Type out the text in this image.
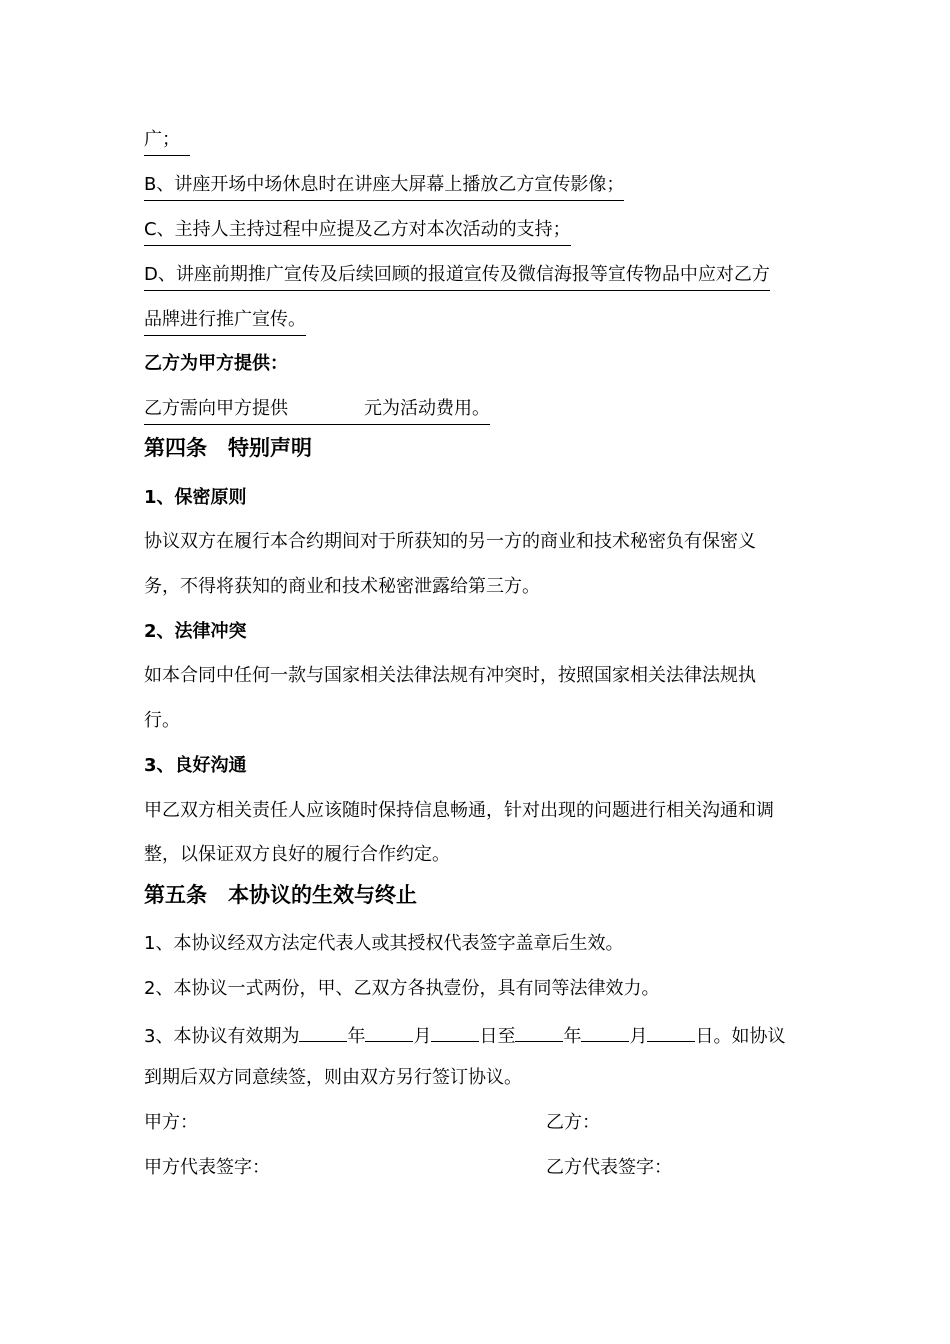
广；
B、讲座开场中场休息时在讲座大屏幕上播放乙方宣传影像；
C、主持人主持过程中应提及乙方对本次活动的支持；
D、讲座前期推广宣传及后续回顾的报道宣传及微信海报等宣传物品中应对乙方
品牌进行推广宣传。
乙方为甲方提供：
乙方需向甲方提供	元为活动费用。
第四条　特别声明
1、保密原则
协议双方在履行本合约期间对于所获知的另一方的商业和技术秘密负有保密义
务，不得将获知的商业和技术秘密泄露给第三方。
2、法律冲突
如本合同中任何一款与国家相关法律法规有冲突时，按照国家相关法律法规执
行。
3、良好沟通
甲乙双方相关责任人应该随时保持信息畅通，针对出现的问题进行相关沟通和调
整，以保证双方良好的履行合作约定。
第五条　本协议的生效与终止
1、本协议经双方法定代表人或其授权代表签字盖章后生效。
2、本协议一式两份，甲、乙双方各执壹份，具有同等法律效力。
3、本协议有效期为	年	月	日至	年	月	日。如协议
到期后双方同意续签，则由双方另行签订协议。
甲方：	乙方：
甲方代表签字：	乙方代表签字：
